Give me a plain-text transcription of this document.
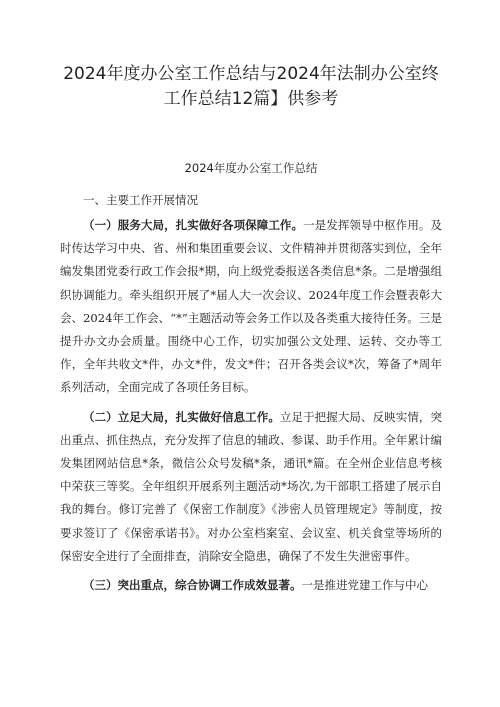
2024年度办公室工作总结与2024年法制办公室终工作总结12篇】供参考
2024年度办公室工作总结
一、主要工作开展情况

（一）服务大局，扎实做好各项保障工作。一是发挥领导中枢作用。及时传达学习中央、省、州和集团重要会议、文件精神并贯彻落实到位，全年编发集团党委行政工作会报*期，向上级党委报送各类信息*条。二是增强组织协调能力。牵头组织开展了*届人大一次会议、2024年度工作会暨表彰大会、2024年工作会、“*”主题活动等会务工作以及各类重大接待任务。三是提升办文办会质量。围绕中心工作，切实加强公文处理、运转、交办等工作，全年共收文*件，办文*件，发文*件；召开各类会议*次，筹备了*周年系列活动，全面完成了各项任务目标。

（二）立足大局，扎实做好信息工作。立足于把握大局、反映实情，突出重点、抓住热点，充分发挥了信息的辅政、参谋、助手作用。全年累计编发集团网站信息*条，微信公众号发稿*条，通讯*篇。在全州企业信息考核中荣获三等奖。全年组织开展系列主题活动*场次,为干部职工搭建了展示自我的舞台。修订完善了《保密工作制度》《涉密人员管理规定》等制度，按要求签订了《保密承诺书》。对办公室档案室、会议室、机关食堂等场所的保密安全进行了全面排查，消除安全隐患，确保了不发生失泄密事件。

（三）突出重点，综合协调工作成效显著。一是推进党建工作与中心
